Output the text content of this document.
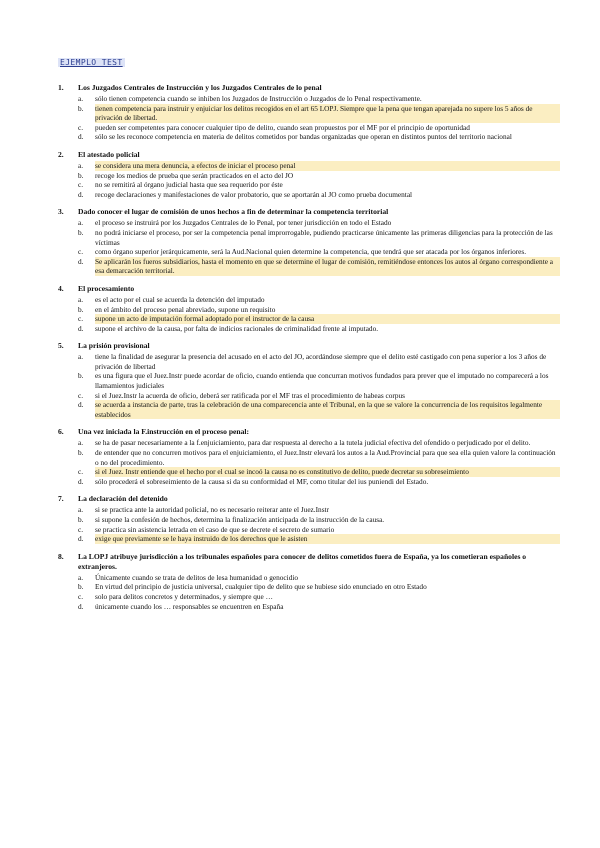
EJEMPLO TEST
1.	Los Juzgados Centrales de Instrucción y los Juzgados Centrales de lo penal
a.	sólo tienen competencia cuando se inhiben los Juzgados de Instrucción o Juzgados de lo Penal respectivamente.
b.	tienen competencia para instruir y enjuiciar los delitos recogidos en el art 65 LOPJ. Siempre que la pena que tengan aparejada no supere los 5 años de privación de libertad.
c.	pueden ser competentes para conocer cualquier tipo de delito, cuando sean propuestos por el MF por el principio de oportunidad
d.	sólo se les reconoce competencia en materia de delitos cometidos por bandas organizadas que operan en distintos puntos del territorio nacional
2.	El atestado policial
a.	se considera una mera denuncia, a efectos de iniciar el proceso penal
b.	recoge los medios de prueba que serán practicados en el acto del JO
c.	no se remitirá al órgano judicial hasta que sea requerido por éste
d.	recoge declaraciones y manifestaciones de valor probatorio, que se aportarán al JO como prueba documental
3.	Dado conocer el lugar de comisión de unos hechos a fin de determinar la competencia territorial
a.	el proceso se instruirá por los Juzgados Centrales de lo Penal, por tener jurisdicción en todo el Estado
b.	no podrá iniciarse el proceso, por ser la competencia penal improrrogable, pudiendo practicarse únicamente las primeras diligencias para la protección de las víctimas
c.	como órgano superior jerárquicamente, será la Aud.Nacional quien determine la competencia, que tendrá que ser atacada por los órganos inferiores.
d.	Se aplicarán los fueros subsidiarios, hasta el momento en que se determine el lugar de comisión, remitiéndose entonces los autos al órgano correspondiente a esa demarcación territorial.
4.	El procesamiento
a.	es el acto por el cual se acuerda la detención del imputado
b.	en el ámbito del proceso penal abreviado, supone un requisito
c.	supone un acto de imputación formal adoptado por el instructor de la causa
d.	supone el archivo de la causa, por falta de indicios racionales de criminalidad frente al imputado.
5.	La prisión provisional
a.	tiene la finalidad de asegurar la presencia del acusado en el acto del JO, acordándose siempre que el delito esté castigado con pena superior a los 3 años de privación de libertad
b.	es una figura que el Juez.Instr puede acordar de oficio, cuando entienda que concurran motivos fundados para prever que el imputado no comparecerá a los llamamientos judiciales
c.	si el Juez.Instr la acuerda de oficio, deberá ser ratificada por el MF tras el procedimiento de habeas corpus
d.	se acuerda a instancia de parte, tras la celebración de una comparecencia ante el Tribunal, en la que se valore la concurrencia de los requisitos legalmente establecidos
6.	Una vez iniciada la F.instrucción en el proceso penal:
a.	se ha de pasar necesariamente a la f.enjuiciamiento, para dar respuesta al derecho a la tutela judicial efectiva del ofendido o perjudicado por el delito.
b.	de entender que no concurren motivos para el enjuiciamiento, el Juez.Instr elevará los autos a la Aud.Provincial para que sea ella quien valore la continuación o no del procedimiento.
c.	si el Juez. Instr entiende que el hecho por el cual se incoó la causa no es constitutivo de delito, puede decretar su sobreseimiento
d.	sólo procederá el sobreseimiento de la causa si da su conformidad el MF, como titular del ius puniendi del Estado.
7.	La declaración del detenido
a.	si se practica ante la autoridad policial, no es necesario reiterar ante el Juez.Instr
b.	si supone la confesión de hechos, determina la finalización anticipada de la instrucción de la causa.
c.	se practica sin asistencia letrada en el caso de que se decrete el secreto de sumario
d.	exige que previamente se le haya instruido de los derechos que le asisten
8.	La LOPJ atribuye jurisdicción a los tribunales españoles para conocer de delitos cometidos fuera de España, ya los cometieran españoles o extranjeros.
a.	Únicamente cuando se trata de delitos de lesa humanidad o genocidio
b.	En virtud del principio de justicia universal, cualquier tipo de delito que se hubiese sido enunciado en otro Estado
c.	solo para delitos concretos y determinados, y siempre que …
d.	únicamente cuando los … responsables se encuentren en España
